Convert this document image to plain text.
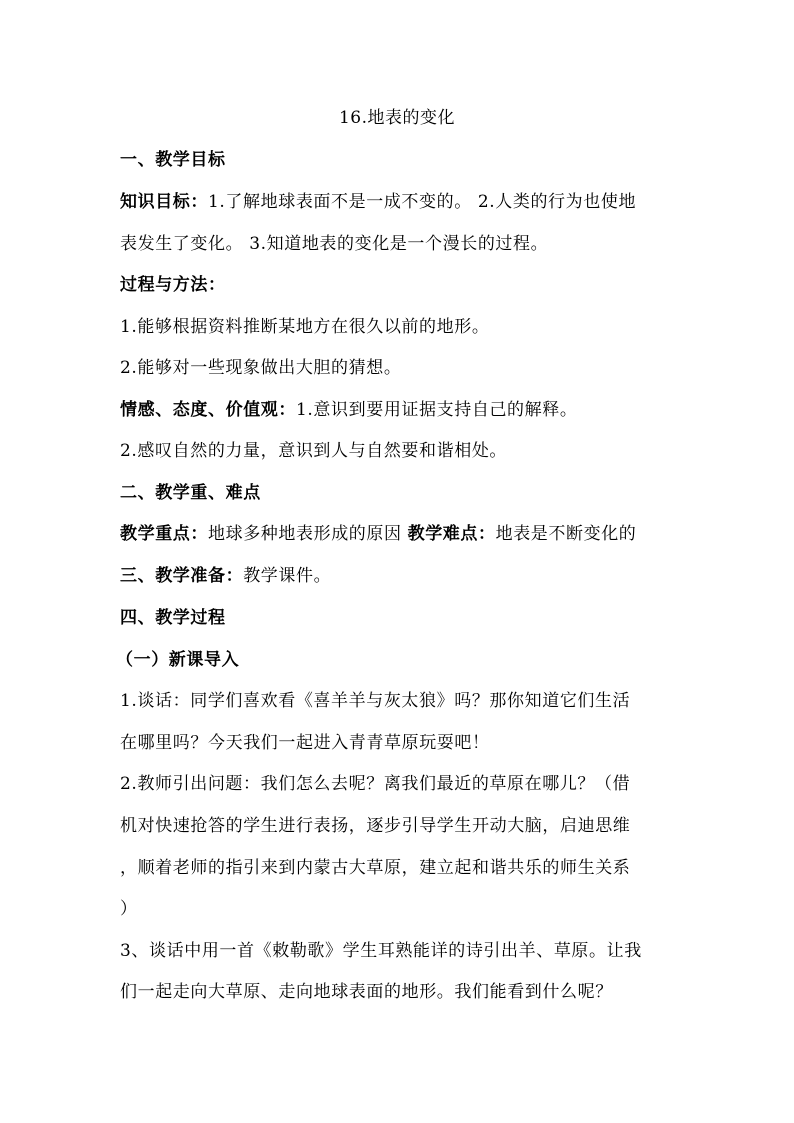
16.地表的变化
一、教学目标
知识目标：1.了解地球表面不是一成不变的。 2.人类的行为也使地
表发生了变化。 3.知道地表的变化是一个漫长的过程。
过程与方法：
1.能够根据资料推断某地方在很久以前的地形。
2.能够对一些现象做出大胆的猜想。
情感、态度、价值观：1.意识到要用证据支持自己的解释。
2.感叹自然的力量，意识到人与自然要和谐相处。
二、教学重、难点
教学重点：地球多种地表形成的原因 教学难点：地表是不断变化的
三、教学准备：教学课件。
四、教学过程
（一）新课导入
1.谈话：同学们喜欢看《喜羊羊与灰太狼》吗？那你知道它们生活
在哪里吗？今天我们一起进入青青草原玩耍吧！
2.教师引出问题：我们怎么去呢？离我们最近的草原在哪儿？（借
机对快速抢答的学生进行表扬，逐步引导学生开动大脑，启迪思维
，顺着老师的指引来到内蒙古大草原，建立起和谐共乐的师生关系
）
3、谈话中用一首《敕勒歌》学生耳熟能详的诗引出羊、草原。让我
们一起走向大草原、走向地球表面的地形。我们能看到什么呢？
